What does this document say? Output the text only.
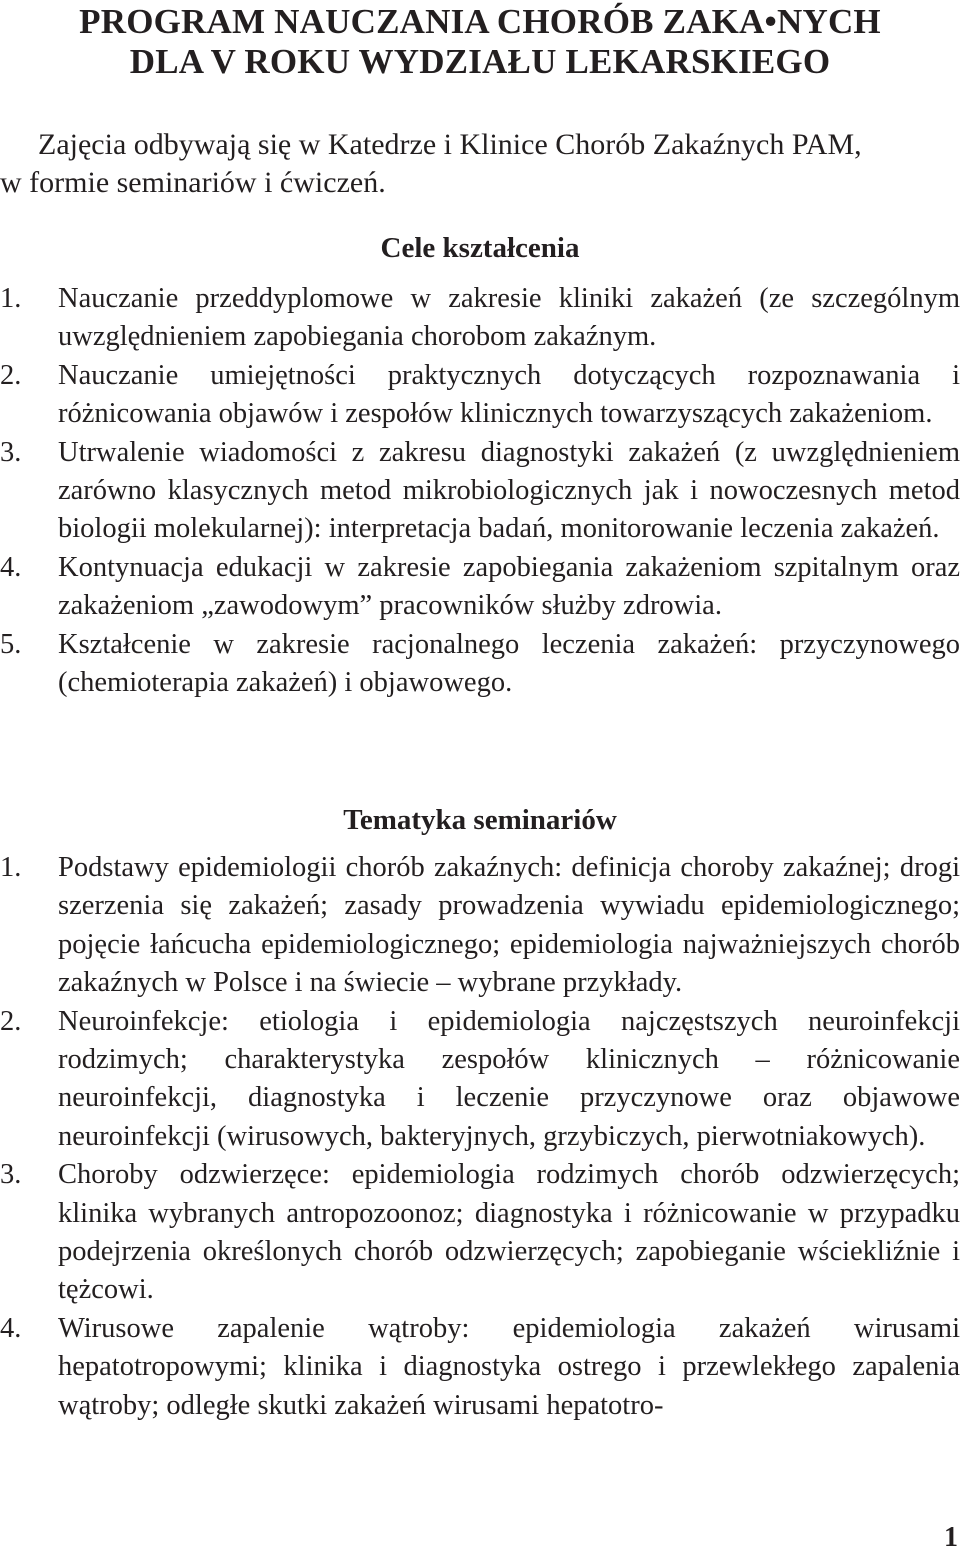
PROGRAM NAUCZANIA CHORÓB ZAKA•NYCH
DLA V ROKU WYDZIAŁU LEKARSKIEGO
Zajęcia odbywają się w Katedrze i Klinice Chorób Zakaźnych PAM,
w formie seminariów i ćwiczeń.
Cele kształcenia
1.	Nauczanie przeddyplomowe w zakresie kliniki zakażeń (ze szczególnym uwzględnieniem zapobiegania chorobom zakaźnym.
2.	Nauczanie umiejętności praktycznych dotyczących rozpoznawania i różnicowania objawów i zespołów klinicznych towarzyszących zakażeniom.
3.	Utrwalenie wiadomości z zakresu diagnostyki zakażeń (z uwzględnieniem zarówno klasycznych metod mikrobiologicznych jak i nowoczesnych metod biologii molekularnej): interpretacja badań, monitorowanie leczenia zakażeń.
4.	Kontynuacja edukacji w zakresie zapobiegania zakażeniom szpitalnym oraz zakażeniom „zawodowym” pracowników służby zdrowia.
5.	Kształcenie w zakresie racjonalnego leczenia zakażeń: przyczynowego (chemioterapia zakażeń) i objawowego.
Tematyka seminariów
1.	Podstawy epidemiologii chorób zakaźnych: definicja choroby zakaźnej; drogi szerzenia się zakażeń; zasady prowadzenia wywiadu epidemiologicznego; pojęcie łańcucha epidemiologicznego; epidemiologia najważniejszych chorób zakaźnych w Polsce i na świecie – wybrane przykłady.
2.	Neuroinfekcje: etiologia i epidemiologia najczęstszych neuroinfekcji rodzimych; charakterystyka zespołów klinicznych – różnicowanie neuroinfekcji, diagnostyka i leczenie przyczynowe oraz objawowe neuroinfekcji (wirusowych, bakteryjnych, grzybiczych, pierwotniakowych).
3.	Choroby odzwierzęce: epidemiologia rodzimych chorób odzwierzęcych; klinika wybranych antropozoonoz; diagnostyka i różnicowanie w przypadku podejrzenia określonych chorób odzwierzęcych; zapobieganie wściekliźnie i tężcowi.
4.	Wirusowe zapalenie wątroby: epidemiologia zakażeń wirusami hepatotropowymi; klinika i diagnostyka ostrego i przewlekłego zapalenia wątroby; odległe skutki zakażeń wirusami hepatotro-
1
